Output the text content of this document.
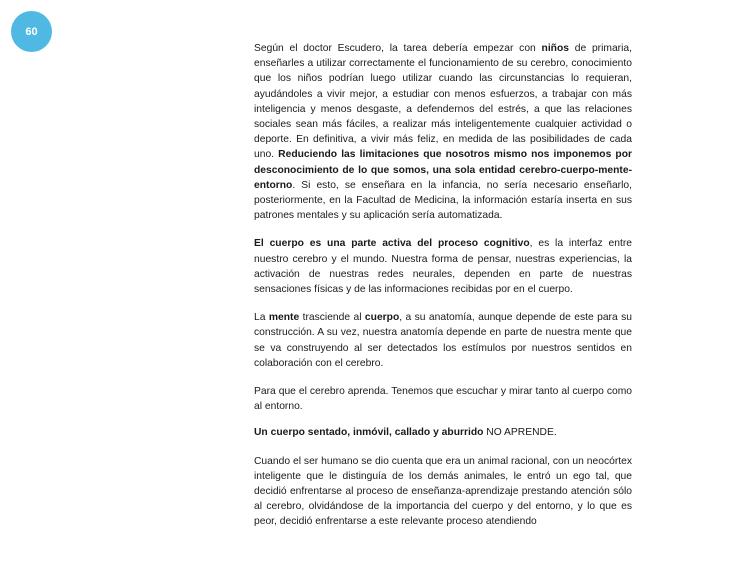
60

Según el doctor Escudero, la tarea debería empezar con niños de primaria, enseñarles a utilizar correctamente el funcionamiento de su cerebro, conocimiento que los niños podrían luego utilizar cuando las circunstancias lo requieran, ayudándoles a vivir mejor, a estudiar con menos esfuerzos, a trabajar con más inteligencia y menos desgaste, a defendernos del estrés, a que las relaciones sociales sean más fáciles, a realizar más inteligentemente cualquier actividad o deporte. En definitiva, a vivir más feliz, en medida de las posibilidades de cada uno. Reduciendo las limitaciones que nosotros mismo nos imponemos por desconocimiento de lo que somos, una sola entidad cerebro-cuerpo-mente-entorno. Si esto, se enseñara en la infancia, no sería necesario enseñarlo, posteriormente, en la Facultad de Medicina, la información estaría inserta en sus patrones mentales y su aplicación sería automatizada.

El cuerpo es una parte activa del proceso cognitivo, es la interfaz entre nuestro cerebro y el mundo. Nuestra forma de pensar, nuestras experiencias, la activación de nuestras redes neurales, dependen en parte de nuestras sensaciones físicas y de las informaciones recibidas por en el cuerpo.

La mente trasciende al cuerpo, a su anatomía, aunque depende de este para su construcción. A su vez, nuestra anatomía depende en parte de nuestra mente que se va construyendo al ser detectados los estímulos por nuestros sentidos en colaboración con el cerebro.

Para que el cerebro aprenda. Tenemos que escuchar y mirar tanto al cuerpo como al entorno.

Un cuerpo sentado, inmóvil, callado y aburrido NO APRENDE.

Cuando el ser humano se dio cuenta que era un animal racional, con un neocórtex inteligente que le distinguía de los demás animales, le entró un ego tal, que decidió enfrentarse al proceso de enseñanza-aprendizaje prestando atención sólo al cerebro, olvidándose de la importancia del cuerpo y del entorno, y lo que es peor, decidió enfrentarse a este relevante proceso atendiendo
